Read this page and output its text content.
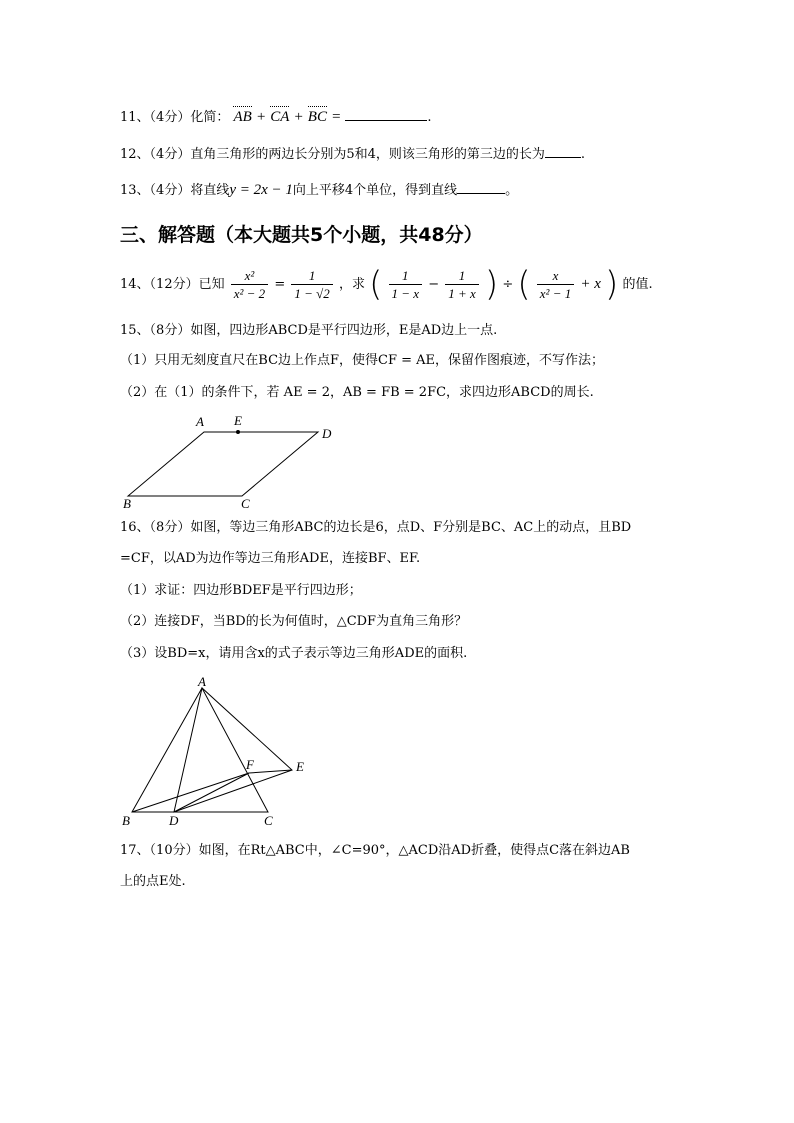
11、（4分）化简： AB + CA + BC =	.
12、（4分）直角三角形的两边长分别为5和4，则该三角形的第三边的长为	.
13、（4分）将直线y = 2x − 1向上平移4个单位，得到直线	。
三、解答题（本大题共5个小题，共48分）
14、（12分）已知 $\frac{\text{x²}}{\text{x² − 2}} = \frac{1}{1 - √2}$ ，求 ( $\frac{1}{1 - x} - \frac{1}{1 + x}$ ) ÷ ( $\frac{x}{\text{x² − 1}} + x$ ) 的值.
15、（8分）如图，四边形ABCD是平行四边形，E是AD边上一点.
（1）只用无刻度直尺在BC边上作点F，使得CF = AE，保留作图痕迹，不写作法；
（2）在（1）的条件下，若 AE = 2，AB = FB = 2FC，求四边形ABCD的周长.
A E
D
B	C
16、（8分）如图，等边三角形ABC的边长是6，点D、F分别是BC、AC上的动点，且BD
=CF，以AD为边作等边三角形ADE，连接BF、EF.
（1）求证：四边形BDEF是平行四边形；
（2）连接DF，当BD的长为何值时，△CDF为直角三角形？
（3）设BD=x，请用含x的式子表示等边三角形ADE的面积.
A
F	E
B	D	C
17、（10分）如图，在Rt△ABC中，∠C=90°，△ACD沿AD折叠，使得点C落在斜边AB
上的点E处.
